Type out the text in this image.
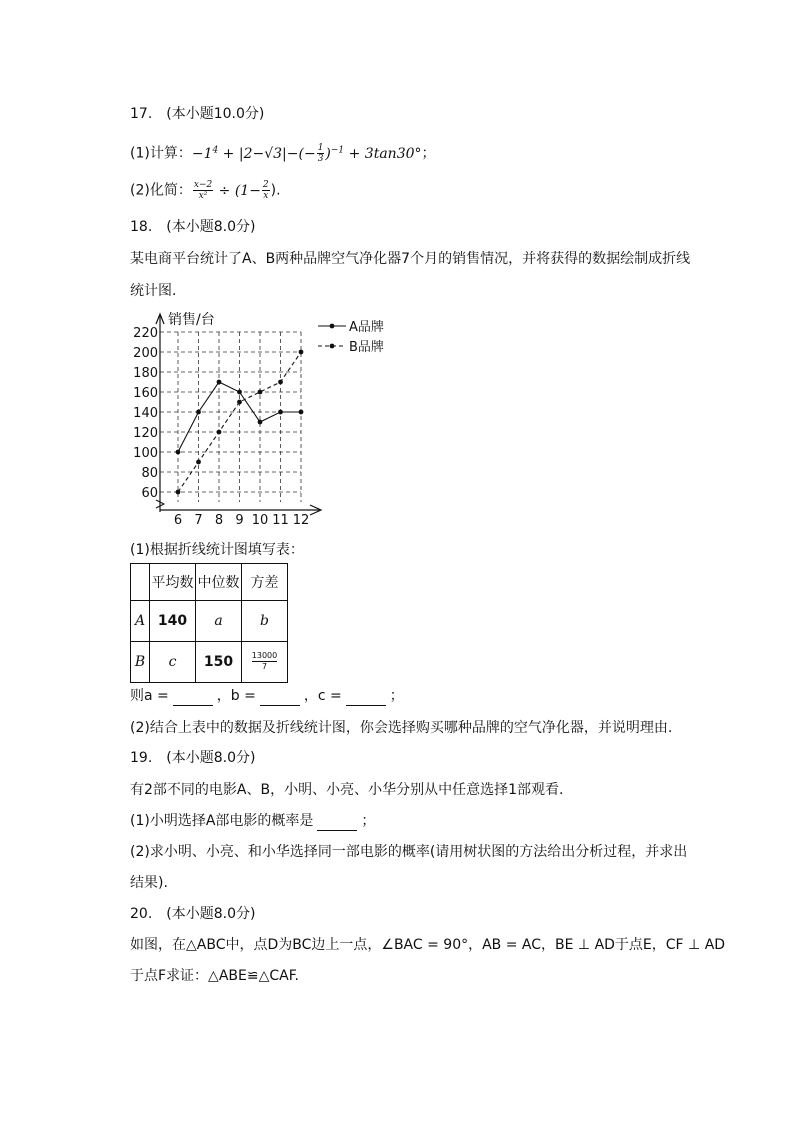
17.　(本小题10.0分)
(1)计算：$-1^4 + |2-√3|-(- \frac{1}{3} )^{-1} + 3\tan 30^\circ$；
(2)化简： $\frac{x-2}{\text{x²}} \div (1- \frac{2}{x}$ ).
18.　(本小题8.0分)
某电商平台统计了A、B两种品牌空气净化器7个月的销售情况，并将获得的数据绘制成折线
统计图.
60
80
100
120
140
160
180
200
220
6 7 8 9 10 11 12
销售/台	A品牌
B品牌
(1)根据折线统计图填写表：
	平均数	中位数	方差
A	140	a	b
B	c	150	$\frac{13000}{7}$
则a =	，b =	，c =	；
(2)结合上表中的数据及折线统计图，你会选择购买哪种品牌的空气净化器，并说明理由.
19.　(本小题8.0分)
有2部不同的电影A、B，小明、小亮、小华分别从中任意选择1部观看.
(1)小明选择A部电影的概率是	；
(2)求小明、小亮、和小华选择同一部电影的概率(请用树状图的方法给出分析过程，并求出
结果).
20.　(本小题8.0分)
如图，在△ABC中，点D为BC边上一点，∠BAC = 90°，AB = AC，BE ⊥ AD于点E，CF ⊥ AD
于点F求证：△ABE≌△CAF.
